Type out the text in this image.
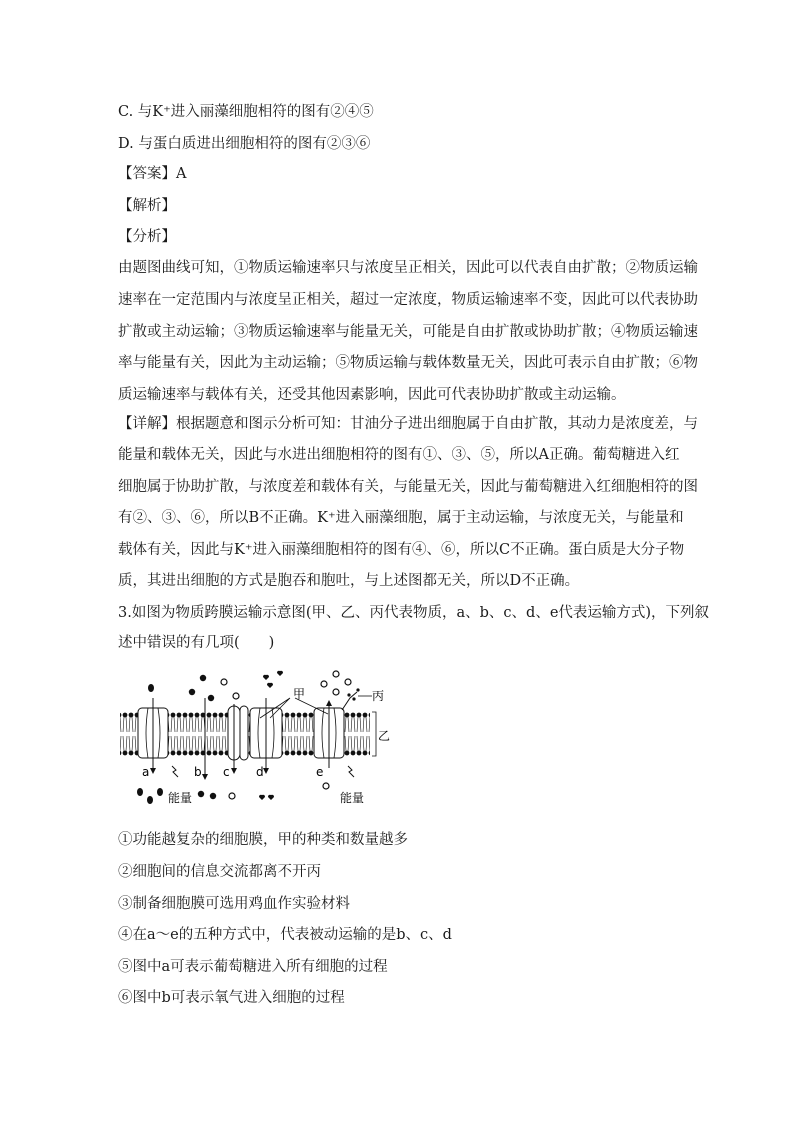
C. 与K⁺进入丽藻细胞相符的图有②④⑤
D. 与蛋白质进出细胞相符的图有②③⑥
【答案】A
【解析】
【分析】
由题图曲线可知，①物质运输速率只与浓度呈正相关，因此可以代表自由扩散；②物质运输
速率在一定范围内与浓度呈正相关，超过一定浓度，物质运输速率不变，因此可以代表协助
扩散或主动运输；③物质运输速率与能量无关，可能是自由扩散或协助扩散；④物质运输速
率与能量有关，因此为主动运输；⑤物质运输与载体数量无关，因此可表示自由扩散；⑥物
质运输速率与载体有关，还受其他因素影响，因此可代表协助扩散或主动运输。
【详解】根据题意和图示分析可知：甘油分子进出细胞属于自由扩散，其动力是浓度差，与
能量和载体无关，因此与水进出细胞相符的图有①、③、⑤，所以A正确。葡萄糖进入红
细胞属于协助扩散，与浓度差和载体有关，与能量无关，因此与葡萄糖进入红细胞相符的图
有②、③、⑥，所以B不正确。K⁺进入丽藻细胞，属于主动运输，与浓度无关，与能量和
载体有关，因此与K⁺进入丽藻细胞相符的图有④、⑥，所以C不正确。蛋白质是大分子物
质，其进出细胞的方式是胞吞和胞吐，与上述图都无关，所以D不正确。
3.如图为物质跨膜运输示意图(甲、乙、丙代表物质，a、b、c、d、e代表运输方式)，下列叙
述中错误的有几项(　　)
甲	丙
乙
a	b c d	e
能量	能量
①功能越复杂的细胞膜，甲的种类和数量越多
②细胞间的信息交流都离不开丙
③制备细胞膜可选用鸡血作实验材料
④在a～e的五种方式中，代表被动运输的是b、c、d
⑤图中a可表示葡萄糖进入所有细胞的过程
⑥图中b可表示氧气进入细胞的过程
